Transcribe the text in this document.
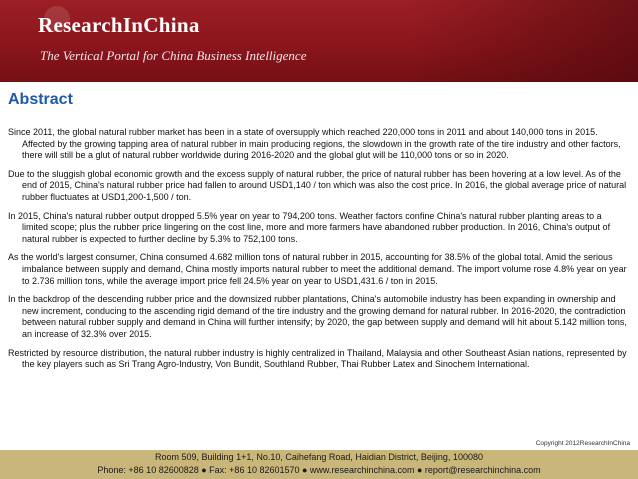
ResearchInChina
The Vertical Portal for China Business Intelligence
Abstract

Since 2011, the global natural rubber market has been in a state of oversupply which reached 220,000 tons in 2011 and about 140,000 tons in 2015. Affected by the growing tapping area of natural rubber in main producing regions, the slowdown in the growth rate of the tire industry and other factors, there will still be a glut of natural rubber worldwide during 2016-2020 and the global glut will be 110,000 tons or so in 2020.

Due to the sluggish global economic growth and the excess supply of natural rubber, the price of natural rubber has been hovering at a low level. As of the end of 2015, China's natural rubber price had fallen to around USD1,140 / ton which was also the cost price. In 2016, the global average price of natural rubber fluctuates at USD1,200-1,500 / ton.

In 2015, China's natural rubber output dropped 5.5% year on year to 794,200 tons. Weather factors confine China's natural rubber planting areas to a limited scope; plus the rubber price lingering on the cost line, more and more farmers have abandoned rubber production. In 2016, China's output of natural rubber is expected to further decline by 5.3% to 752,100 tons.

As the world's largest consumer, China consumed 4.682 million tons of natural rubber in 2015, accounting for 38.5% of the global total. Amid the serious imbalance between supply and demand, China mostly imports natural rubber to meet the additional demand. The import volume rose 4.8% year on year to 2.736 million tons, while the average import price fell 24.5% year on year to USD1,431.6 / ton in 2015.

In the backdrop of the descending rubber price and the downsized rubber plantations, China's automobile industry has been expanding in ownership and new increment, conducing to the ascending rigid demand of the tire industry and the growing demand for natural rubber. In 2016-2020, the contradiction between natural rubber supply and demand in China will further intensify; by 2020, the gap between supply and demand will hit about 5.142 million tons, an increase of 32.3% over 2015.

Restricted by resource distribution, the natural rubber industry is highly centralized in Thailand, Malaysia and other Southeast Asian nations, represented by the key players such as Sri Trang Agro-Industry, Von Bundit, Southland Rubber, Thai Rubber Latex and Sinochem International.

Copyright 2012ResearchInChina
Room 509, Building 1+1, No.10, Caihefang Road, Haidian District, Beijing, 100080
Phone: +86 10 82600828 ● Fax: +86 10 82601570 ● www.researchinchina.com ● report@researchinchina.com
